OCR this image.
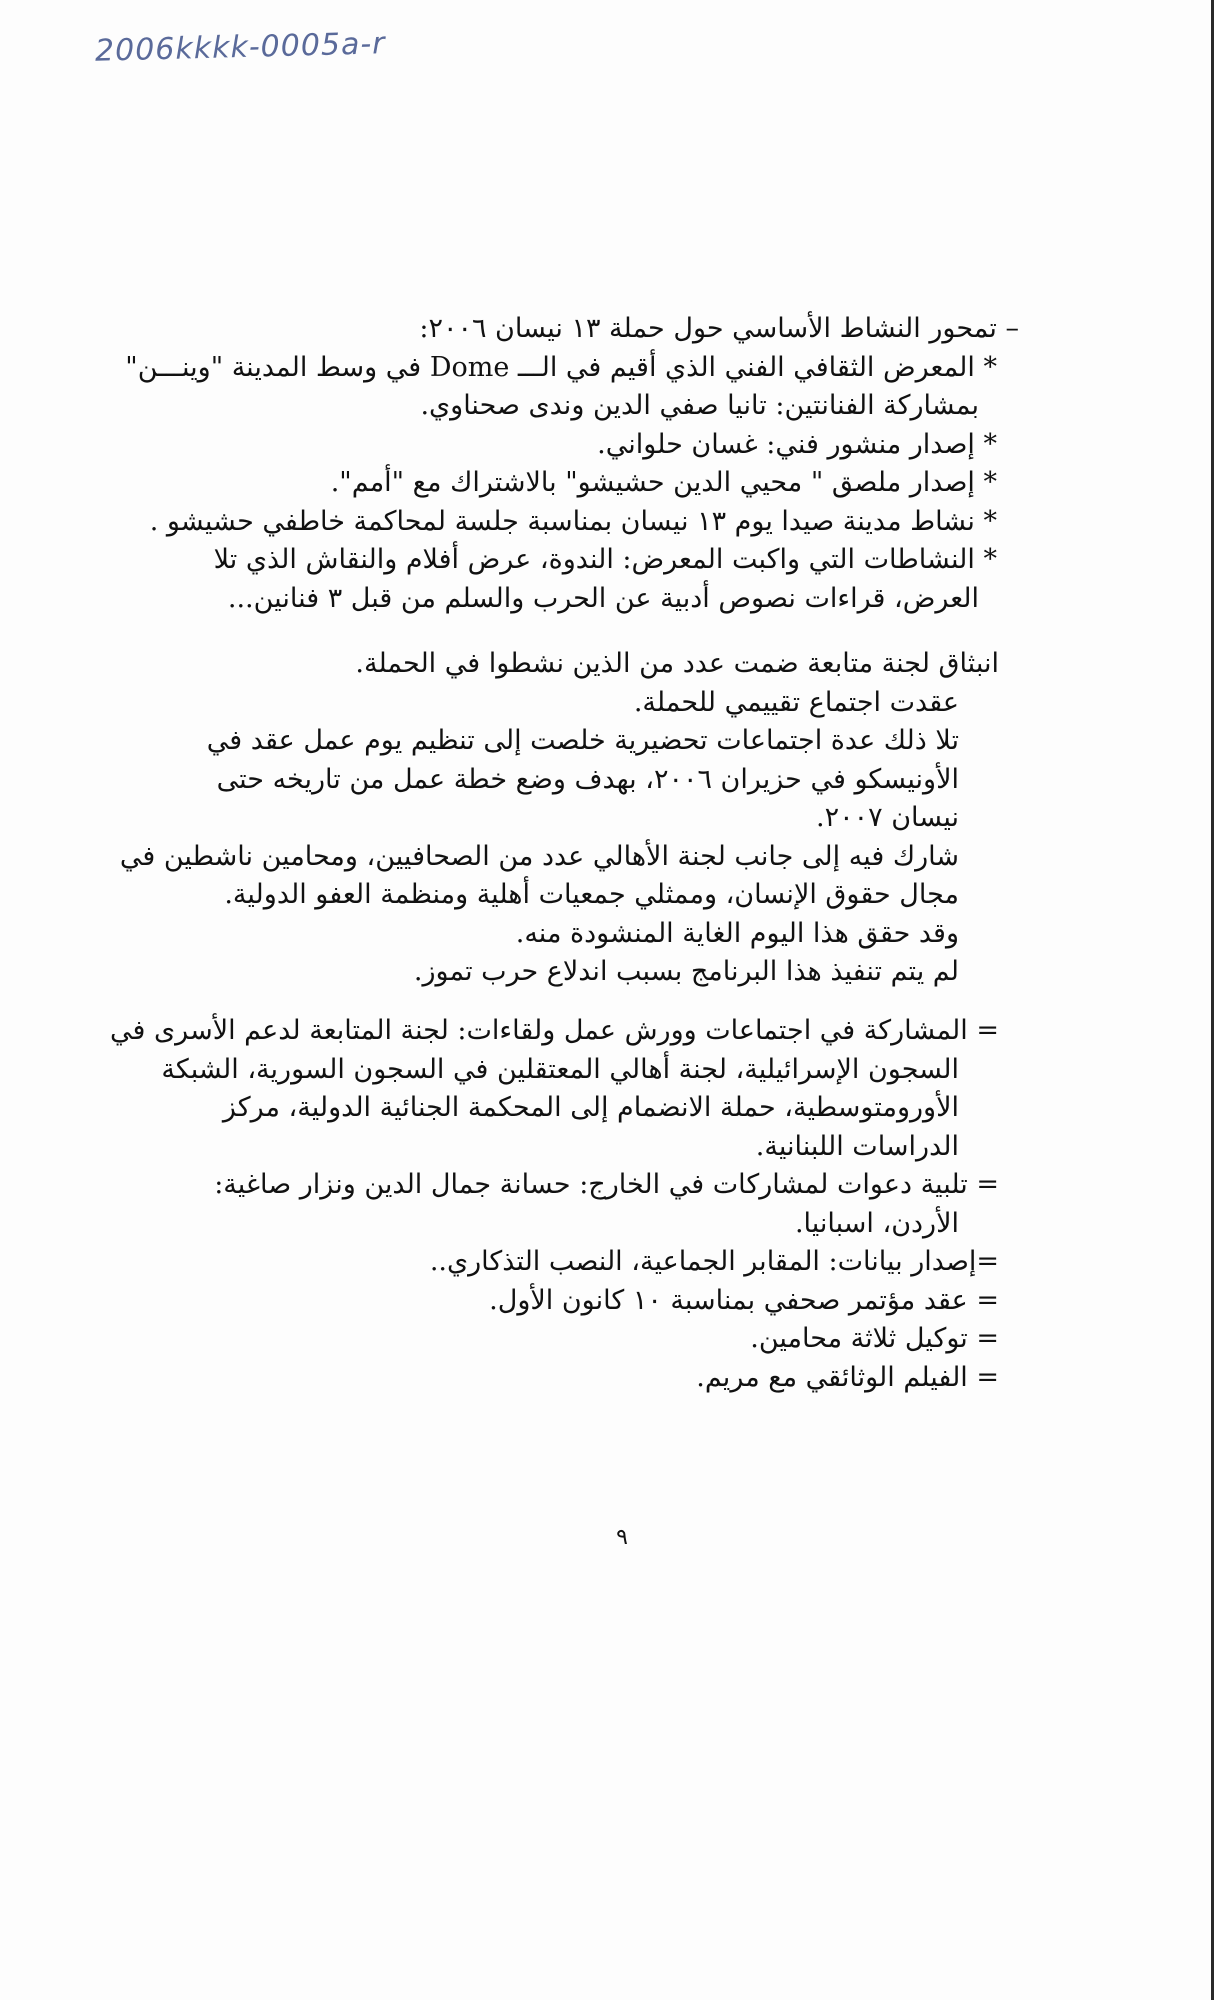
2006kkkk-0005a-r
– تمحور النشاط الأساسي حول حملة ١٣ نيسان ٢٠٠٦:
* المعرض الثقافي الفني الذي أقيم في الـــ Dome في وسط المدينة "وينـــن"
بمشاركة الفنانتين: تانيا صفي الدين وندى صحناوي.
* إصدار منشور فني: غسان حلواني.
* إصدار ملصق " محيي الدين حشيشو" بالاشتراك مع "أمم".
* نشاط مدينة صيدا يوم ١٣ نيسان بمناسبة جلسة لمحاكمة خاطفي حشيشو .
* النشاطات التي واكبت المعرض: الندوة، عرض أفلام والنقاش الذي تلا
العرض، قراءات نصوص أدبية عن الحرب والسلم من قبل ٣ فنانين...
انبثاق لجنة متابعة ضمت عدد من الذين نشطوا في الحملة.
عقدت اجتماع تقييمي للحملة.
تلا ذلك عدة اجتماعات تحضيرية خلصت إلى تنظيم يوم عمل عقد في
الأونيسكو في حزيران ٢٠٠٦، بهدف وضع خطة عمل من تاريخه حتى
نيسان ٢٠٠٧.
شارك فيه إلى جانب لجنة الأهالي عدد من الصحافيين، ومحامين ناشطين في
مجال حقوق الإنسان، وممثلي جمعيات أهلية ومنظمة العفو الدولية.
وقد حقق هذا اليوم الغاية المنشودة منه.
لم يتم تنفيذ هذا البرنامج بسبب اندلاع حرب تموز.
= المشاركة في اجتماعات وورش عمل ولقاءات: لجنة المتابعة لدعم الأسرى في
السجون الإسرائيلية، لجنة أهالي المعتقلين في السجون السورية، الشبكة
الأورومتوسطية، حملة الانضمام إلى المحكمة الجنائية الدولية، مركز
الدراسات اللبنانية.
= تلبية دعوات لمشاركات في الخارج: حسانة جمال الدين ونزار صاغية:
الأردن، اسبانيا.
=إصدار بيانات: المقابر الجماعية، النصب التذكاري..
= عقد مؤتمر صحفي بمناسبة ١٠ كانون الأول.
= توكيل ثلاثة محامين.
= الفيلم الوثائقي مع مريم.
٩
